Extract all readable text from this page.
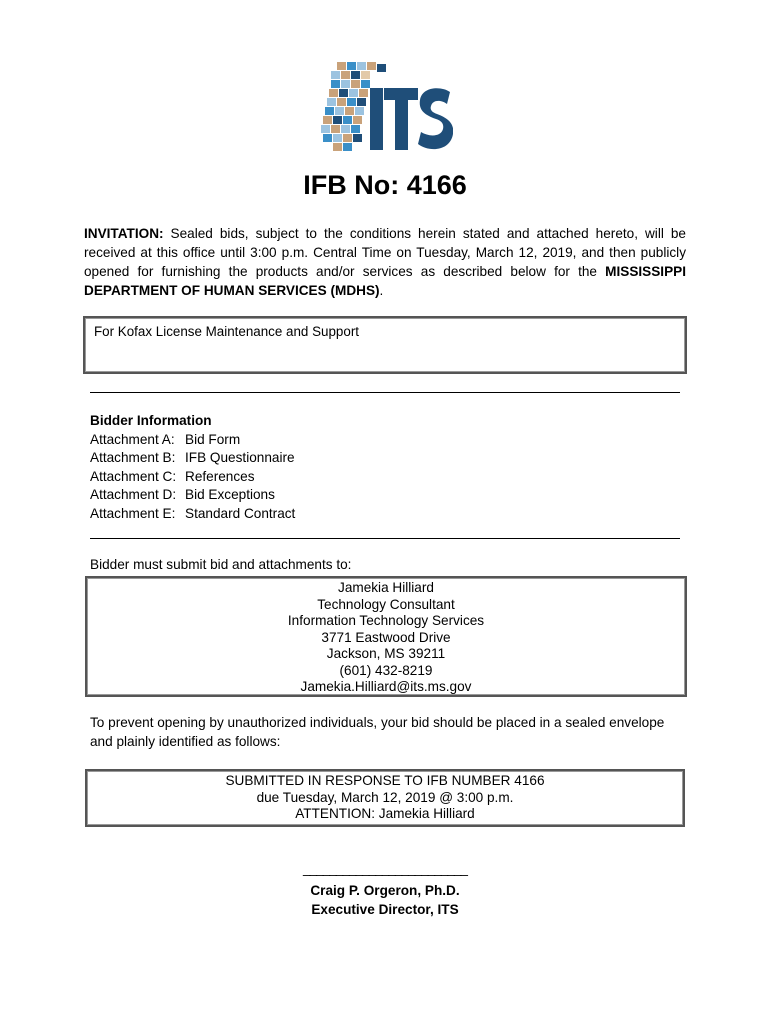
IFB No: 4166
INVITATION: Sealed bids, subject to the conditions herein stated and attached hereto, will be received at this office until 3:00 p.m. Central Time on Tuesday, March 12, 2019, and then publicly opened for furnishing the products and/or services as described below for the MISSISSIPPI DEPARTMENT OF HUMAN SERVICES (MDHS).
For Kofax License Maintenance and Support
Bidder Information
Attachment A: Bid Form
Attachment B: IFB Questionnaire
Attachment C: References
Attachment D: Bid Exceptions
Attachment E: Standard Contract
Bidder must submit bid and attachments to:
Jamekia Hilliard
Technology Consultant
Information Technology Services
3771 Eastwood Drive
Jackson, MS 39211
(601) 432-8219
Jamekia.Hilliard@its.ms.gov
To prevent opening by unauthorized individuals, your bid should be placed in a sealed envelope and plainly identified as follows:
SUBMITTED IN RESPONSE TO IFB NUMBER 4166
due Tuesday, March 12, 2019 @ 3:00 p.m.
ATTENTION: Jamekia Hilliard
_________________________
Craig P. Orgeron, Ph.D.
Executive Director, ITS
